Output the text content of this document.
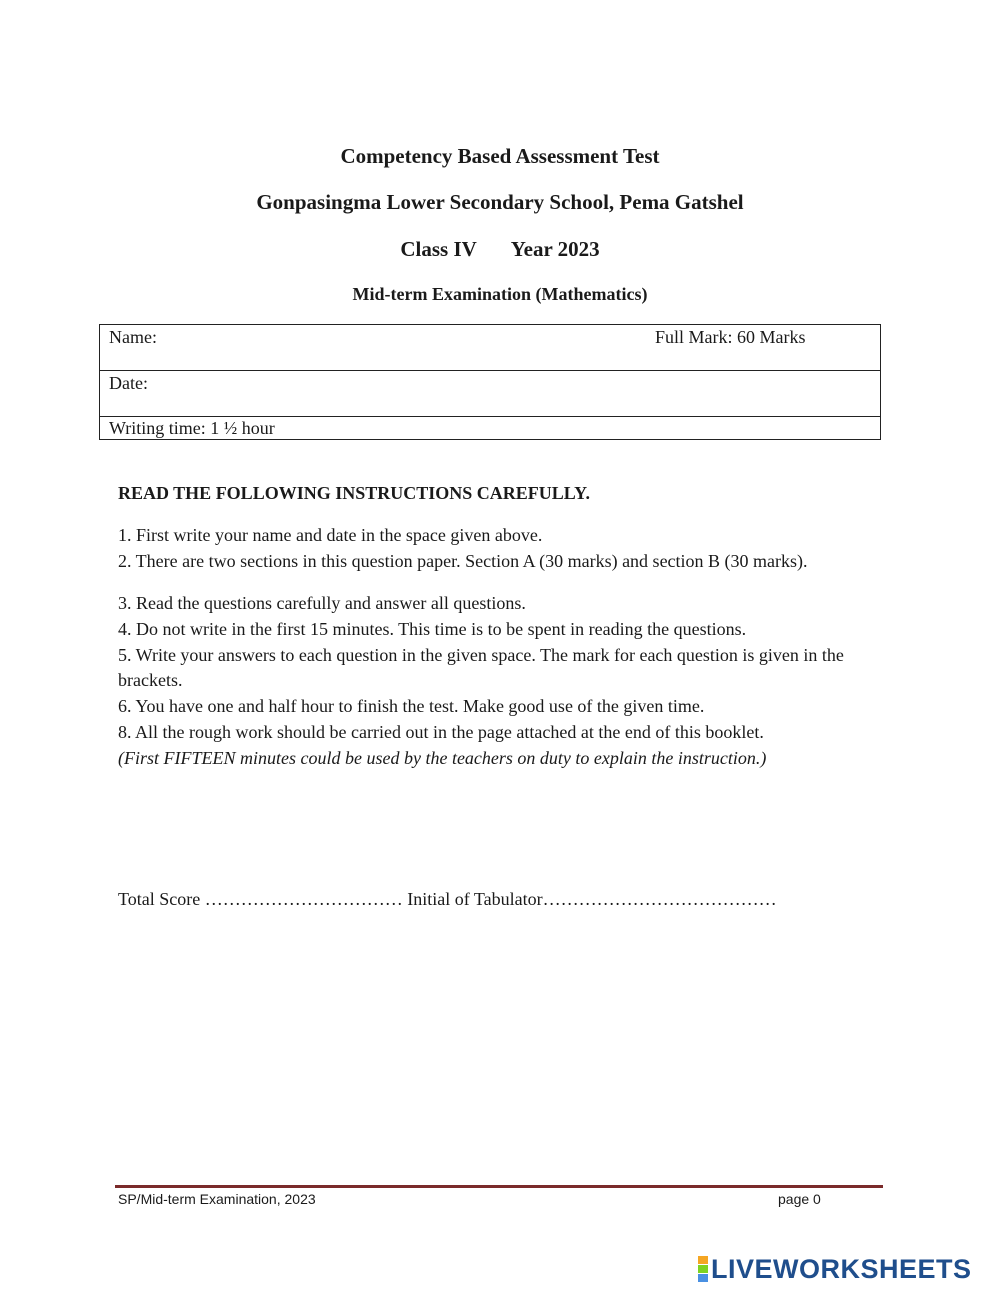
Competency Based Assessment Test
Gonpasingma Lower Secondary School, Pema Gatshel
Class IV Year 2023
Mid-term Examination (Mathematics)
Name:	Full Mark: 60 Marks
Date:
Writing time: 1 ½ hour
READ THE FOLLOWING INSTRUCTIONS CAREFULLY.
1. First write your name and date in the space given above.
2. There are two sections in this question paper. Section A (30 marks) and section B (30 marks).
3. Read the questions carefully and answer all questions.
4. Do not write in the first 15 minutes. This time is to be spent in reading the questions.
5. Write your answers to each question in the given space. The mark for each question is given in the brackets.
6. You have one and half hour to finish the test. Make good use of the given time.
8. All the rough work should be carried out in the page attached at the end of this booklet.
(First FIFTEEN minutes could be used by the teachers on duty to explain the instruction.)
Total Score …………………………… Initial of Tabulator…………………………………
SP/Mid-term Examination, 2023	page 0
LIVEWORKSHEETS
